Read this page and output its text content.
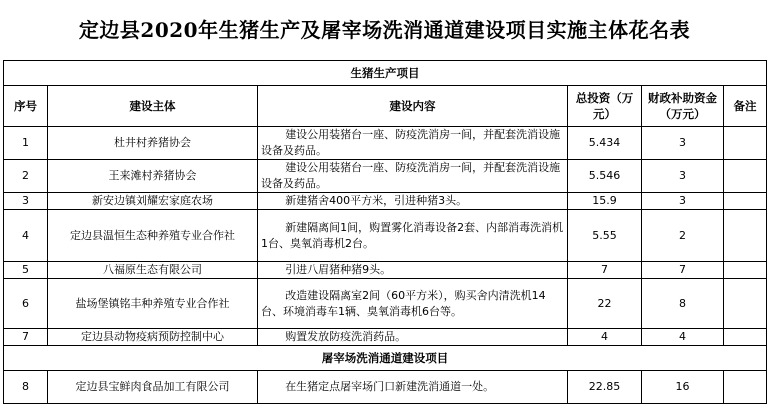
定边县2020年生猪生产及屠宰场洗消通道建设项目实施主体花名表
生猪生产项目					
序号	建设主体	建设内容	总投资（万元）	财政补助资金（万元）	备注
1	杜井村养猪协会	建设公用装猪台一座、防疫洗消房一间，并配套洗消设施设备及药品。	5.434	3	
2	王来滩村养猪协会	建设公用装猪台一座、防疫洗消房一间，并配套洗消设施设备及药品。	5.546	3	
3	新安边镇刘耀宏家庭农场	新建猪舍400平方米，引进种猪3头。	15.9	3	
4	定边县温恒生态种养殖专业合作社	新建隔离间1间，购置雾化消毒设备2套、内部消毒洗消机1台、臭氧消毒机2台。	5.55	2	
5	八福原生态有限公司	引进八眉猪种猪9头。	7	7	
6	盐场堡镇铭丰种养殖专业合作社	改造建设隔离室2间（60平方米），购买舍内清洗机14台、环境消毒车1辆、臭氧消毒机6台等。	22	8	
7	定边县动物疫病预防控制中心	购置发放防疫洗消药品。	4	4	
屠宰场洗消通道建设项目					
8	定边县宝鲜肉食品加工有限公司	在生猪定点屠宰场门口新建洗消通道一处。	22.85	16	
